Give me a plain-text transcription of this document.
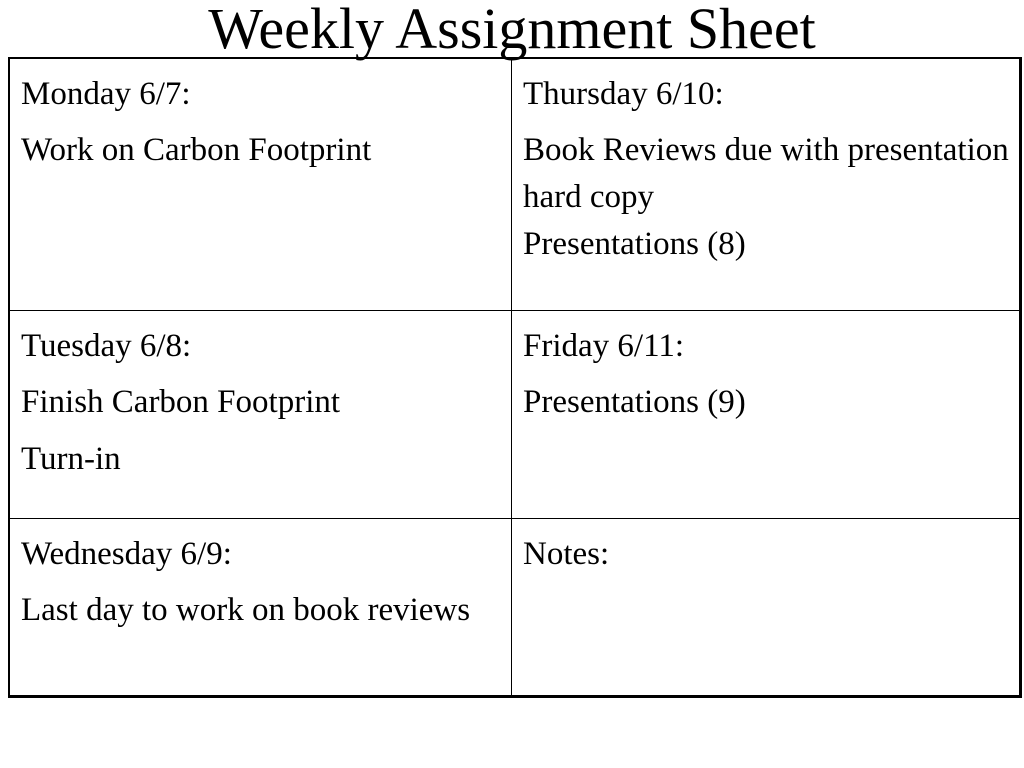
Weekly Assignment Sheet

Monday 6/7:

Work on Carbon Footprint

Thursday 6/10:

Book Reviews due with presentation hard copy

Presentations (8)

Tuesday 6/8:

Finish Carbon Footprint

Turn-in

Friday 6/11:

Presentations (9)

Wednesday 6/9:

Last day to work on book reviews

Notes:
